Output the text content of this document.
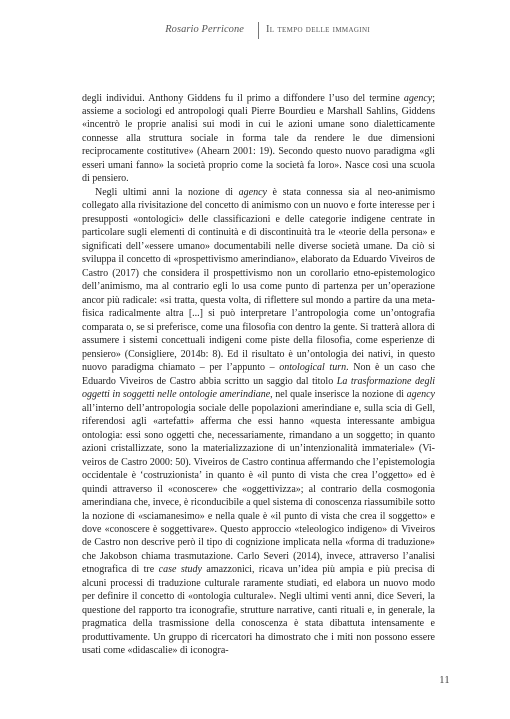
Rosario Perricone Il tempo delle immagini

degli individui. Anthony Giddens fu il primo a diffondere l’uso del termine agency; assieme a sociologi ed antropologi quali Pierre Bourdieu e Marshall Sahlins, Giddens «incentrò le proprie analisi sui modi in cui le azioni umane sono dialetticamente connesse alla struttura sociale in forma tale da rendere le due dimensioni reciprocamente costitutive» (Ahearn 2001: 19). Secondo questo nuovo paradigma «gli esseri umani fanno» la società proprio come la società fa loro». Nasce così una scuola di pensiero.

Negli ultimi anni la nozione di agency è stata connessa sia al neo-animismo collegato alla rivisitazione del concetto di animismo con un nuovo e forte interesse per i presupposti «ontologici» delle classificazioni e delle categorie indigene centrate in particolare sugli elementi di continuità e di discontinuità tra le «teorie della persona» e significati dell’«essere umano» documentabili nelle diverse società umane. Da ciò si sviluppa il concetto di «prospettivismo amerindiano», elaborato da Eduardo Viveiros de Castro (2017) che considera il prospettivismo non un corollario etno-epistemologico dell’animismo, ma al contrario egli lo usa come punto di partenza per un’operazione ancor più radicale: «si tratta, questa volta, di riflettere sul mondo a partire da una metafisica radicalmente altra [...] si può interpretare l’antropologia come un’ontografia comparata o, se si preferisce, come una filosofia con dentro la gente. Si tratterà allora di assumere i sistemi concettuali indigeni come piste della filosofia, come esperienze di pensiero» (Consigliere, 2014b: 8). Ed il risultato è un’ontologia dei nativi, in questo nuovo paradigma chiamato – per l’appunto – ontological turn. Non è un caso che Eduardo Viveiros de Castro abbia scritto un saggio dal titolo La trasformazione degli oggetti in soggetti nelle ontologie amerindiane, nel quale inserisce la nozione di agency all’interno dell’antropologia sociale delle popolazioni amerindiane e, sulla scia di Gell, riferendosi agli «artefatti» afferma che essi hanno «questa interessante ambigua ontologia: essi sono oggetti che, necessariamente, rimandano a un soggetto; in quanto azioni cristallizzate, sono la materializzazione di un’intenzionalità immateriale» (Viveiros de Castro 2000: 50). Viveiros de Castro continua affermando che l’epistemologia occidentale è ‘costruzionista’ in quanto è «il punto di vista che crea l’oggetto» ed è quindi attraverso il «conoscere» che «oggettivizza»; al contrario della cosmogonia amerindiana che, invece, è riconducibile a quel sistema di conoscenza riassumibile sotto la nozione di «sciamanesimo» e nella quale è «il punto di vista che crea il soggetto» e dove «conoscere è soggettivare». Questo approccio «teleologico indigeno» di Viveiros de Castro non descrive però il tipo di cognizione implicata nella «forma di traduzione» che Jakobson chiama trasmutazione. Carlo Severi (2014), invece, attraverso l’analisi etnografica di tre case study amazzonici, ricava un’idea più ampia e più precisa di alcuni processi di traduzione culturale raramente studiati, ed elabora un nuovo modo per definire il concetto di «ontologia culturale». Negli ultimi venti anni, dice Severi, la questione del rapporto tra iconografie, strutture narrative, canti rituali e, in generale, la pragmatica della trasmissione della conoscenza è stata dibattuta intensamente e produttivamente. Un gruppo di ricercatori ha dimostrato che i miti non possono essere usati come «didascalie» di iconogra-

11
